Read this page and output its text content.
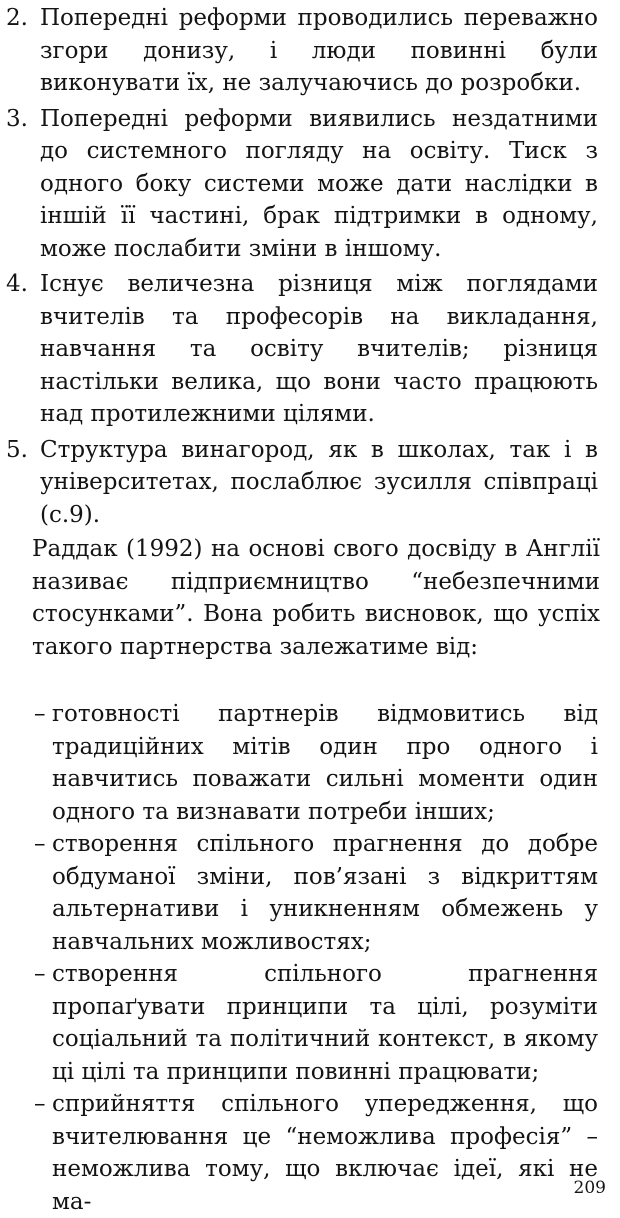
2. Попередні реформи проводились переважно згори донизу, і люди повинні були виконувати їх, не залучаючись до розробки.
3. Попередні реформи виявились нездатними до системного погляду на освіту. Тиск з одного боку системи може дати наслідки в іншій її частині, брак підтримки в одному, може послабити зміни в іншому.
4. Існує величезна різниця між поглядами вчителів та професорів на викладання, навчання та освіту вчителів; різниця настільки велика, що вони часто працюють над протилежними цілями.
5. Структура винагород, як в школах, так і в університетах, послаблює зусилля співпраці (с.9).

Раддак (1992) на основі свого досвіду в Англії називає підприємництво “небезпечними стосунками”. Вона робить висновок, що успіх такого партнерства залежатиме від:

– готовності партнерів відмовитись від традиційних мітів один про одного і навчитись поважати сильні моменти один одного та визнавати потреби інших;
– створення спільного прагнення до добре обдуманої зміни, пов’язані з відкриттям альтернативи і уникненням обмежень у навчальних можливостях;
– створення спільного прагнення пропаґувати принципи та цілі, розуміти соціальний та політичний контекст, в якому ці цілі та принципи повинні працювати;
– сприйняття спільного упередження, що вчителювання це “неможлива професія” – неможлива тому, що включає ідеї, які не ма-
209
